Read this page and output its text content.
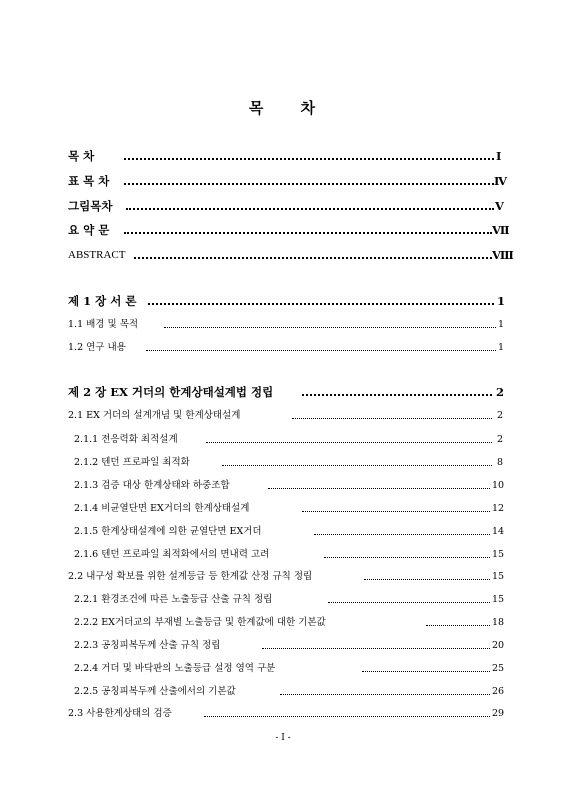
목 차
목 차	Ⅰ
표 목 차	Ⅳ
그림목차	Ⅴ
요 약 문	Ⅶ
ABSTRACT	Ⅷ
제 1 장 서 론	1
1.1 배경 및 목적	1
1.2 연구 내용	1
제 2 장 EX 거더의 한계상태설계법 정립	2
2.1 EX 거더의 설계개념 및 한계상태설계	2
2.1.1 전응력화 최적설계	2
2.1.2 텐던 프로파일 최적화	8
2.1.3 검증 대상 한계상태와 하중조합	10
2.1.4 비균열단면 EX거더의 한계상태설계	12
2.1.5 한계상태설계에 의한 균열단면 EX거더	14
2.1.6 텐던 프로파일 최적화에서의 면내력 고려	15
2.2 내구성 확보를 위한 설계등급 등 한계값 산정 규칙 정립	15
2.2.1 환경조건에 따른 노출등급 산출 규칙 정립	15
2.2.2 EX거더교의 부재별 노출등급 및 한계값에 대한 기본값	18
2.2.3 공칭피복두께 산출 규칙 정립	20
2.2.4 거더 및 바닥판의 노출등급 설정 영역 구분	25
2.2.5 공칭피복두께 산출에서의 기본값	26
2.3 사용한계상태의 검증	29
- I -
